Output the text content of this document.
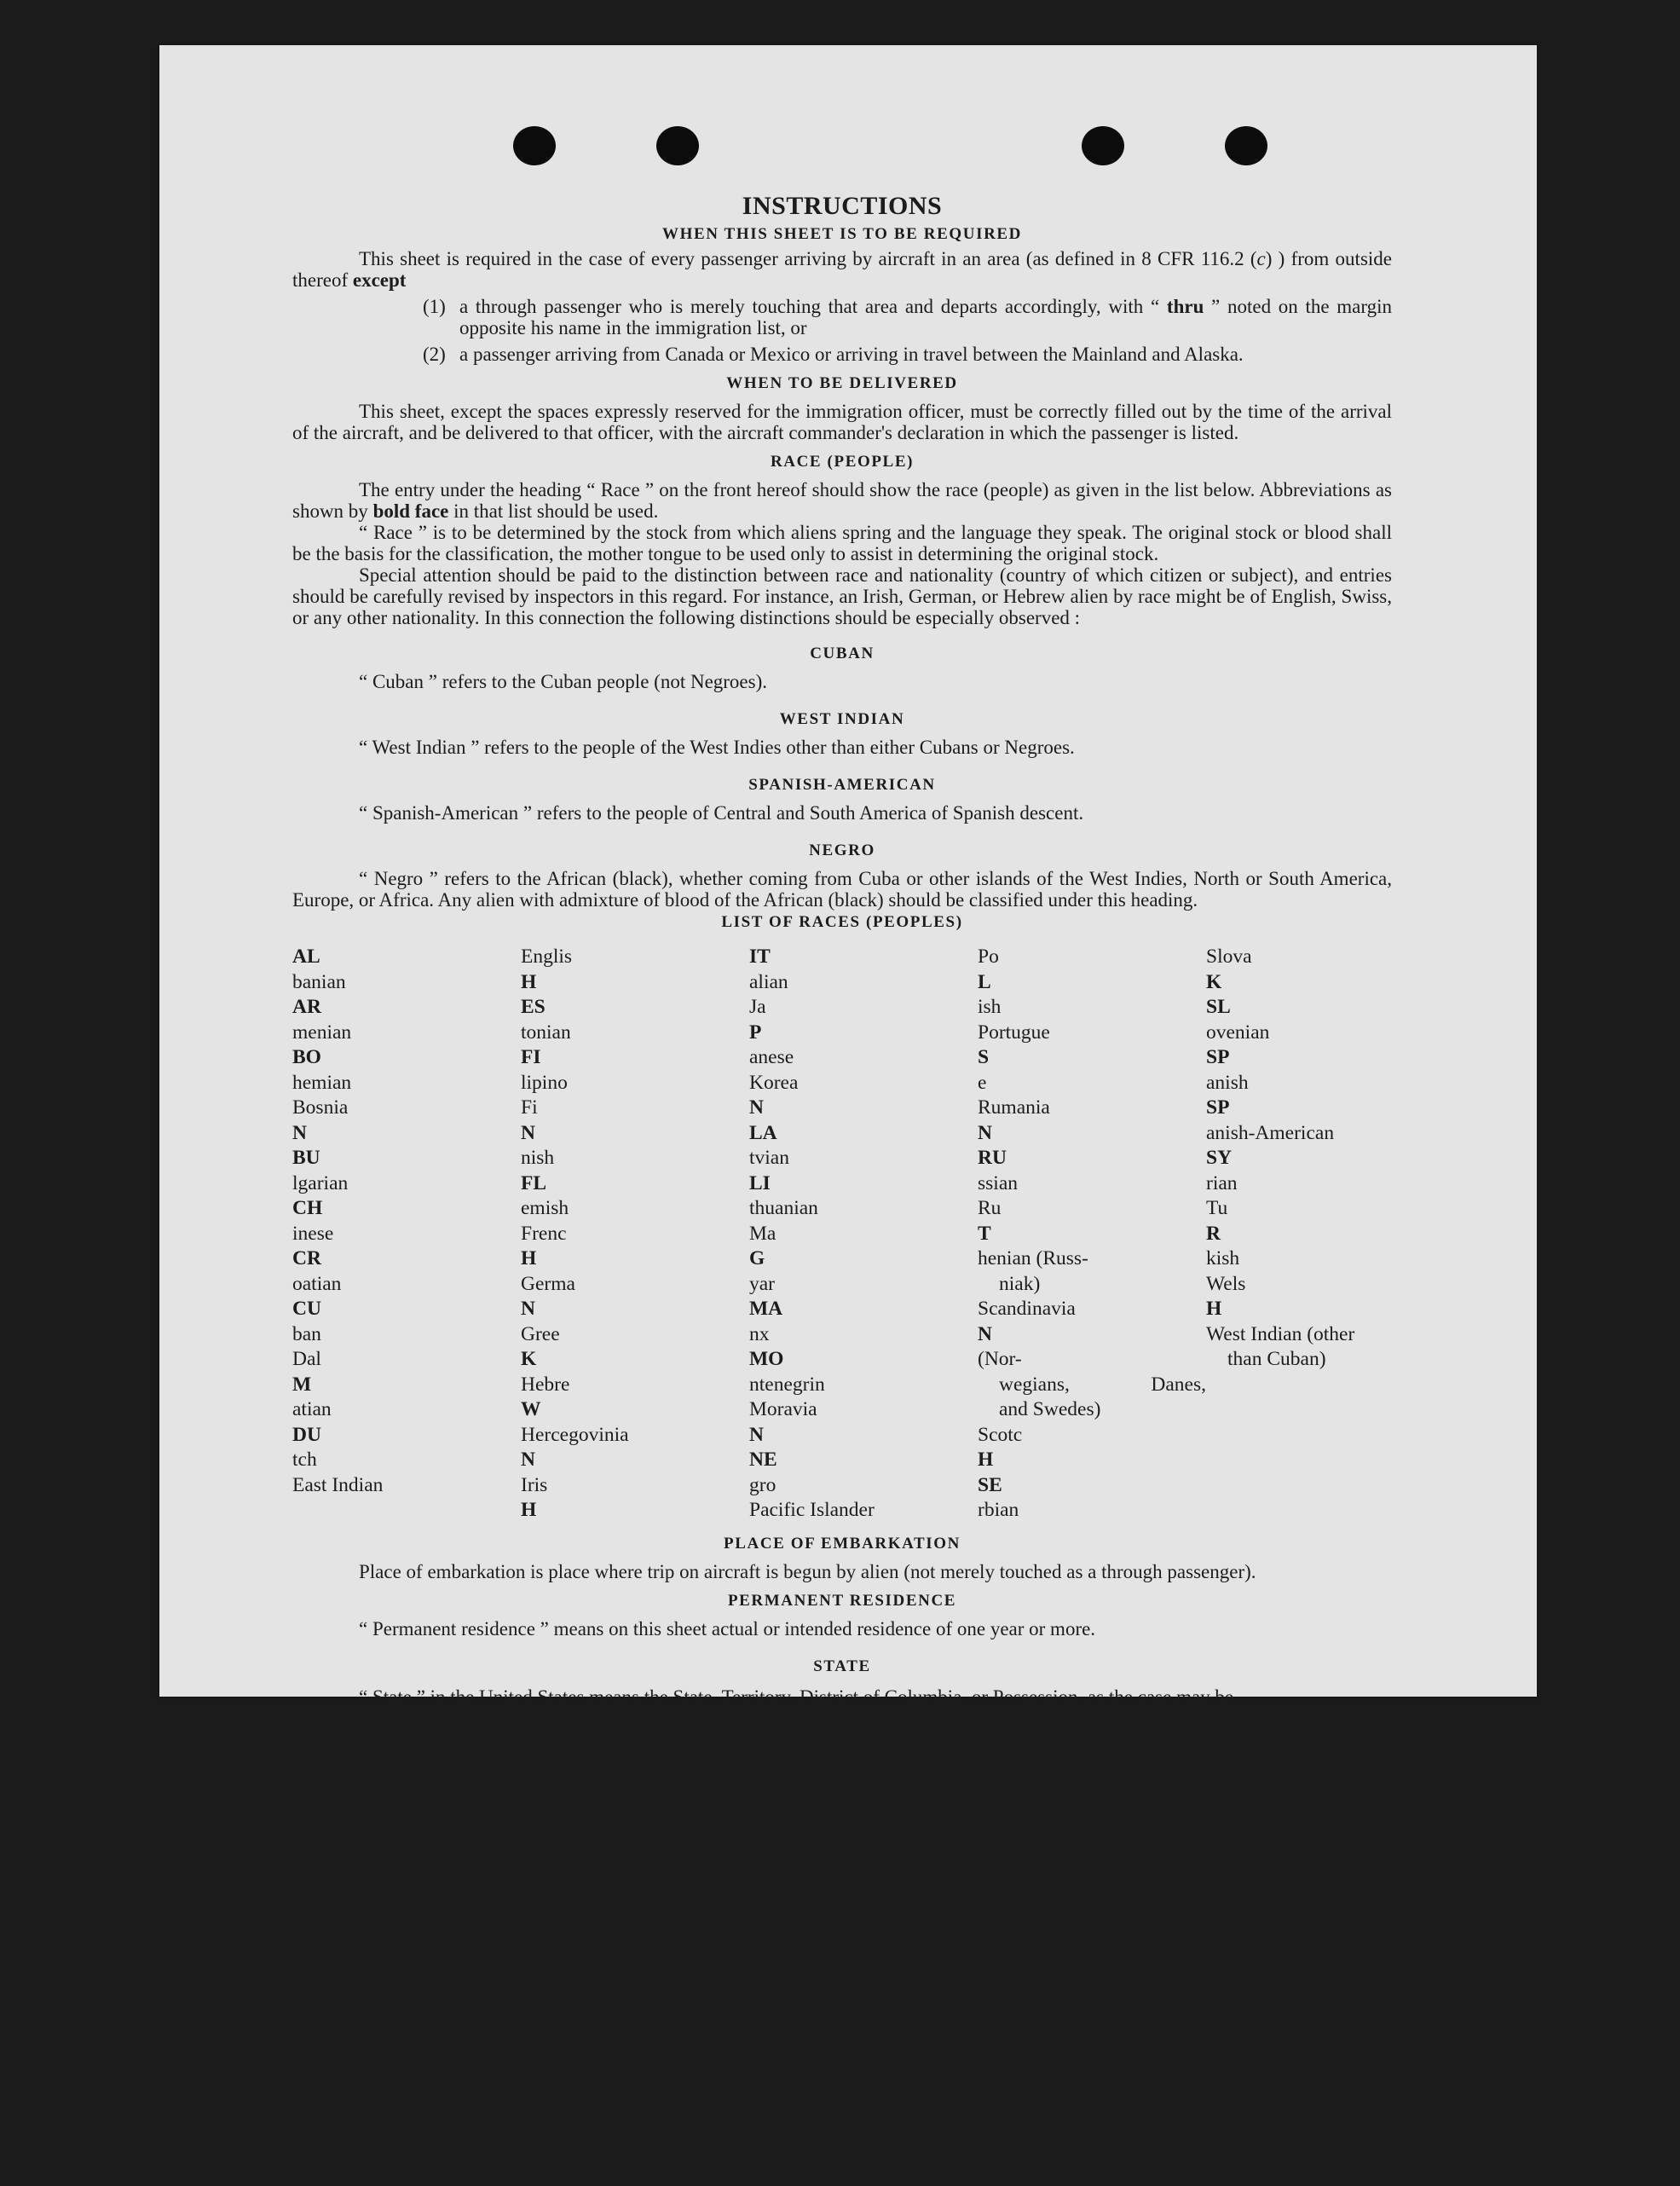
INSTRUCTIONS
WHEN THIS SHEET IS TO BE REQUIRED

This sheet is required in the case of every passenger arriving by aircraft in an area (as defined in 8 CFR 116.2 (c) ) from outside thereof except

(1) a through passenger who is merely touching that area and departs accordingly, with “ thru ” noted on the margin opposite his name in the immigration list, or
(2) a passenger arriving from Canada or Mexico or arriving in travel between the Mainland and Alaska.
WHEN TO BE DELIVERED

This sheet, except the spaces expressly reserved for the immigration officer, must be correctly filled out by the time of the arrival of the aircraft, and be delivered to that officer, with the aircraft commander's declaration in which the passenger is listed.

RACE (PEOPLE)

The entry under the heading “ Race ” on the front hereof should show the race (people) as given in the list below. Abbreviations as shown by bold face in that list should be used.

“ Race ” is to be determined by the stock from which aliens spring and the language they speak. The original stock or blood shall be the basis for the classification, the mother tongue to be used only to assist in determining the original stock.

Special attention should be paid to the distinction between race and nationality (country of which citizen or subject), and entries should be carefully revised by inspectors in this regard. For instance, an Irish, German, or Hebrew alien by race might be of English, Swiss, or any other nationality. In this connection the following distinctions should be especially observed :

CUBAN

“ Cuban ” refers to the Cuban people (not Negroes).

WEST INDIAN

“ West Indian ” refers to the people of the West Indies other than either Cubans or Negroes.

SPANISH-AMERICAN

“ Spanish-American ” refers to the people of Central and South America of Spanish descent.

NEGRO

“ Negro ” refers to the African (black), whether coming from Cuba or other islands of the West Indies, North or South America, Europe, or Africa. Any alien with admixture of blood of the African (black) should be classified under this heading.

LIST OF RACES (PEOPLES)
AL
banian
AR
menian
BO
hemian
Bosnia
N
BU
lgarian
CH
inese
CR
oatian
CU
ban
Dal
M
atian
DU
tch
East Indian
Englis
H
ES
tonian
FI
lipino
Fi
N
nish
FL
emish
Frenc
H
Germa
N
Gree
K
Hebre
W
Hercegovinia
N
Iris
H
IT
alian
Ja
P
anese
Korea
N
LA
tvian
LI
thuanian
Ma
G
yar
MA
nx
MO
ntenegrin
Moravia
N
NE
gro
Pacific Islander
Po
L
ish
Portugue
S
e
Rumania
N
RU
ssian
Ru
T
henian (Russ-
niak)
Scandinavia
N
(Nor-
wegians, Danes,
and Swedes)
Scotc
H
SE
rbian
Slova
K
SL
ovenian
SP
anish
SP
anish-American
SY
rian
Tu
R
kish
Wels
H
West Indian (other
than Cuban)
PLACE OF EMBARKATION

Place of embarkation is place where trip on aircraft is begun by alien (not merely touched as a through passenger).

PERMANENT RESIDENCE

“ Permanent residence ” means on this sheet actual or intended residence of one year or more.

STATE

“ State ” in the United States means the State, Territory, District of Columbia, or Possession, as the case may be.
